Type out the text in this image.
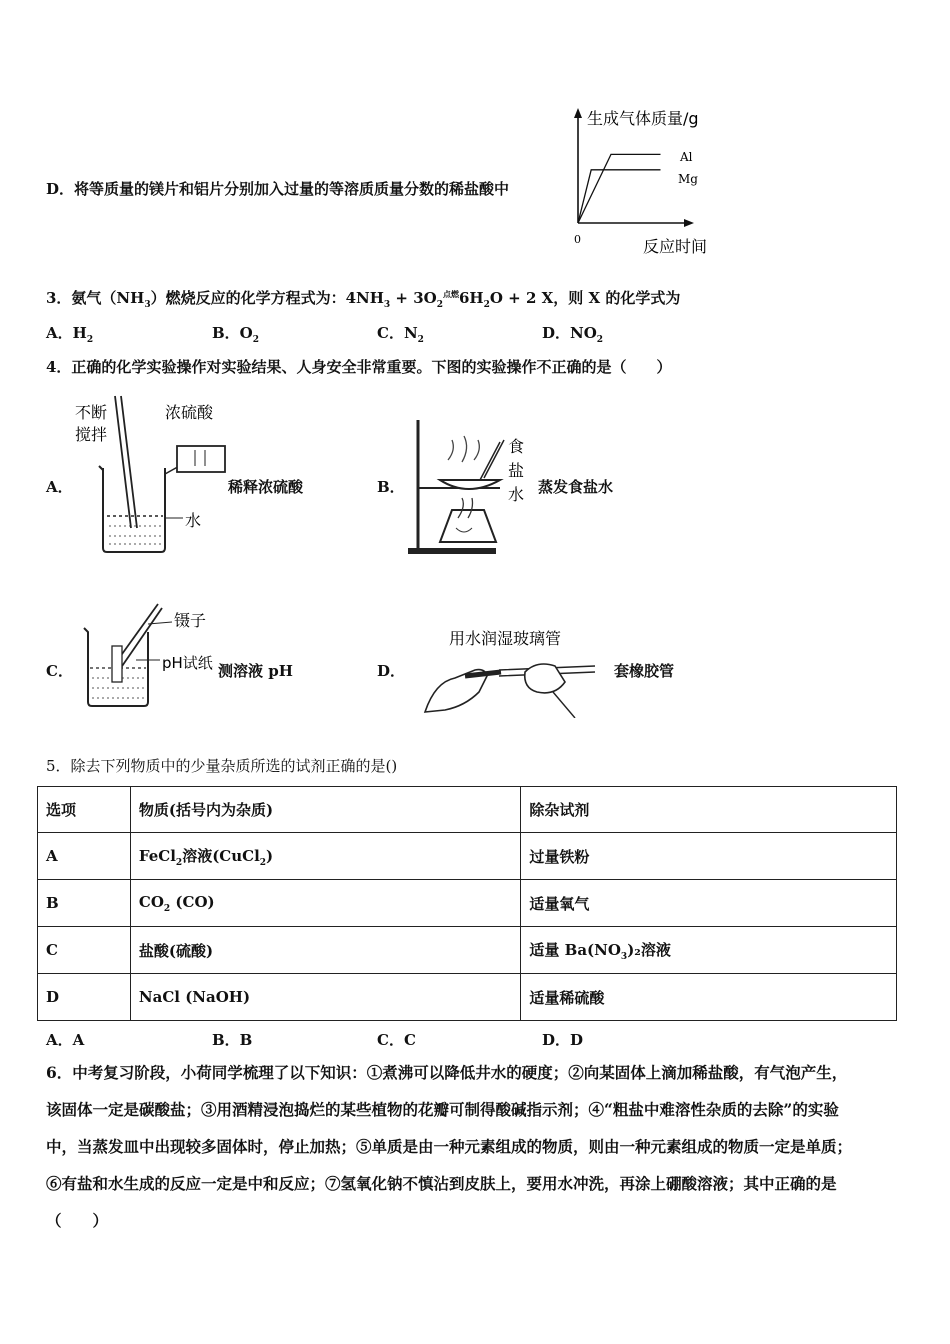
D．将等质量的镁片和铝片分别加入过量的等溶质质量分数的稀盐酸中
生成气体质量/g
反应时间
0
Al
Mg
3．氨气$(NH_3)$燃烧反应的化学方程式为：$4NH_3 + 3O_2^{点燃}6H_2O + 2$ X，则 X 的化学式为
A．$H_2$	B．$O_2$	C．$N_2$	D．$NO_2$
4．正确的化学实验操作对实验结果、人身安全非常重要。下图的实验操作不正确的是（　　）
A．
不断
搅拌
浓硫酸
水
稀释浓硫酸	B．
食
盐
水 蒸发食盐水
C．
镊子
pH试纸 测溶液 pH	D．
用水润湿玻璃管
套橡胶管
5．除去下列物质中的少量杂质所选的试剂正确的是()
选项	物质(括号内为杂质)	除杂试剂
A	FeCl$_2$溶液(CuCl$_2$)	过量铁粉
B	$CO_2$ (CO)	适量氧气
C	盐酸(硫酸)	适量 $Ba(NO_3)_2$溶液
D	NaCl (NaOH)	适量稀硫酸
A．A	B．B	C．C	D．D
6．中考复习阶段，小荷同学梳理了以下知识：①煮沸可以降低井水的硬度；②向某固体上滴加稀盐酸，有气泡产生，
该固体一定是碳酸盐；③用酒精浸泡捣烂的某些植物的花瓣可制得酸碱指示剂；④“粗盐中难溶性杂质的去除”的实验
中，当蒸发皿中出现较多固体时，停止加热；⑤单质是由一种元素组成的物质，则由一种元素组成的物质一定是单质；
⑥有盐和水生成的反应一定是中和反应；⑦氢氧化钠不慎沾到皮肤上，要用水冲洗，再涂上硼酸溶液；其中正确的是
（　　）
